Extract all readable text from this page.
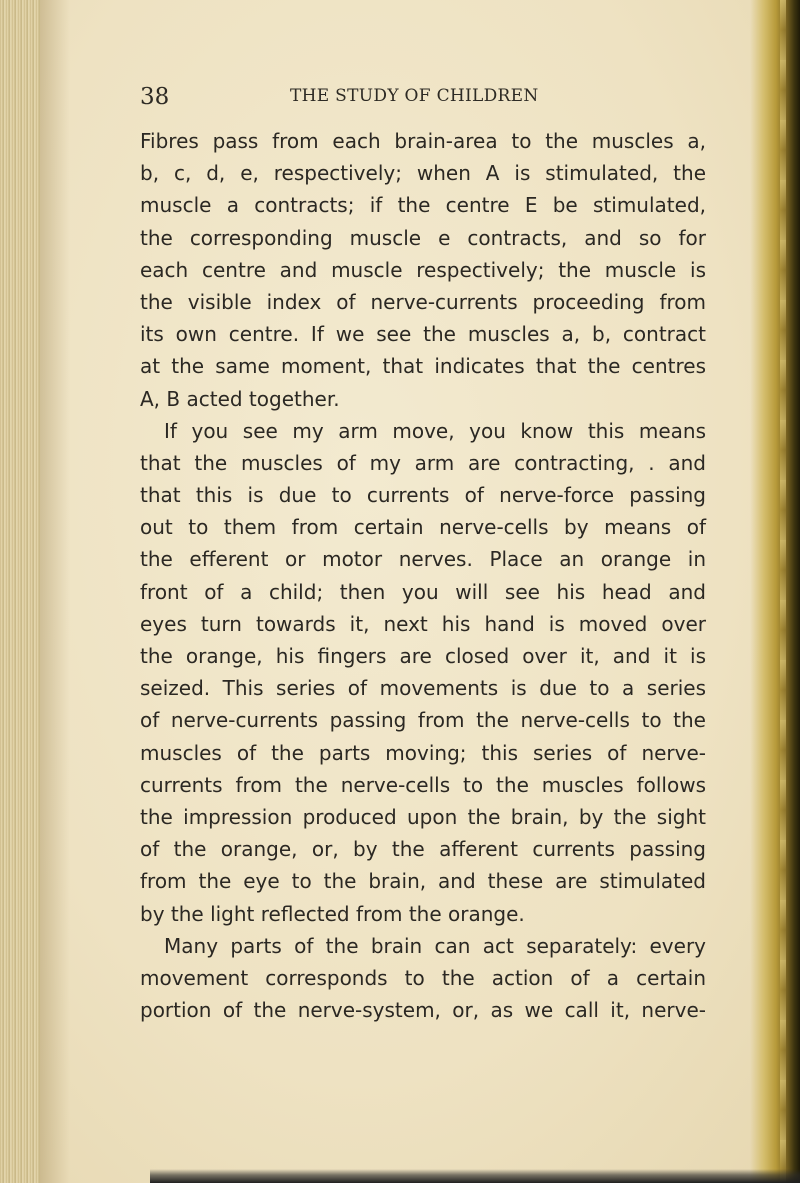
38	THE STUDY OF CHILDREN
Fibres pass from each brain-area to the muscles a,
b, c, d, e, respectively; when A is stimulated, the
muscle a contracts; if the centre E be stimulated,
the corresponding muscle e contracts, and so for
each centre and muscle respectively; the muscle is
the visible index of nerve-currents proceeding from
its own centre. If we see the muscles a, b, contract
at the same moment, that indicates that the centres
A, B acted together.
If you see my arm move, you know this means
that the muscles of my arm are contracting, . and
that this is due to currents of nerve-force passing
out to them from certain nerve-cells by means of
the efferent or motor nerves. Place an orange in
front of a child; then you will see his head and
eyes turn towards it, next his hand is moved over
the orange, his fingers are closed over it, and it is
seized. This series of movements is due to a series
of nerve-currents passing from the nerve-cells to the
muscles of the parts moving; this series of nerve-
currents from the nerve-cells to the muscles follows
the impression produced upon the brain, by the sight
of the orange, or, by the afferent currents passing
from the eye to the brain, and these are stimulated
by the light reflected from the orange.
Many parts of the brain can act separately: every
movement corresponds to the action of a certain
portion of the nerve-system, or, as we call it, nerve-
